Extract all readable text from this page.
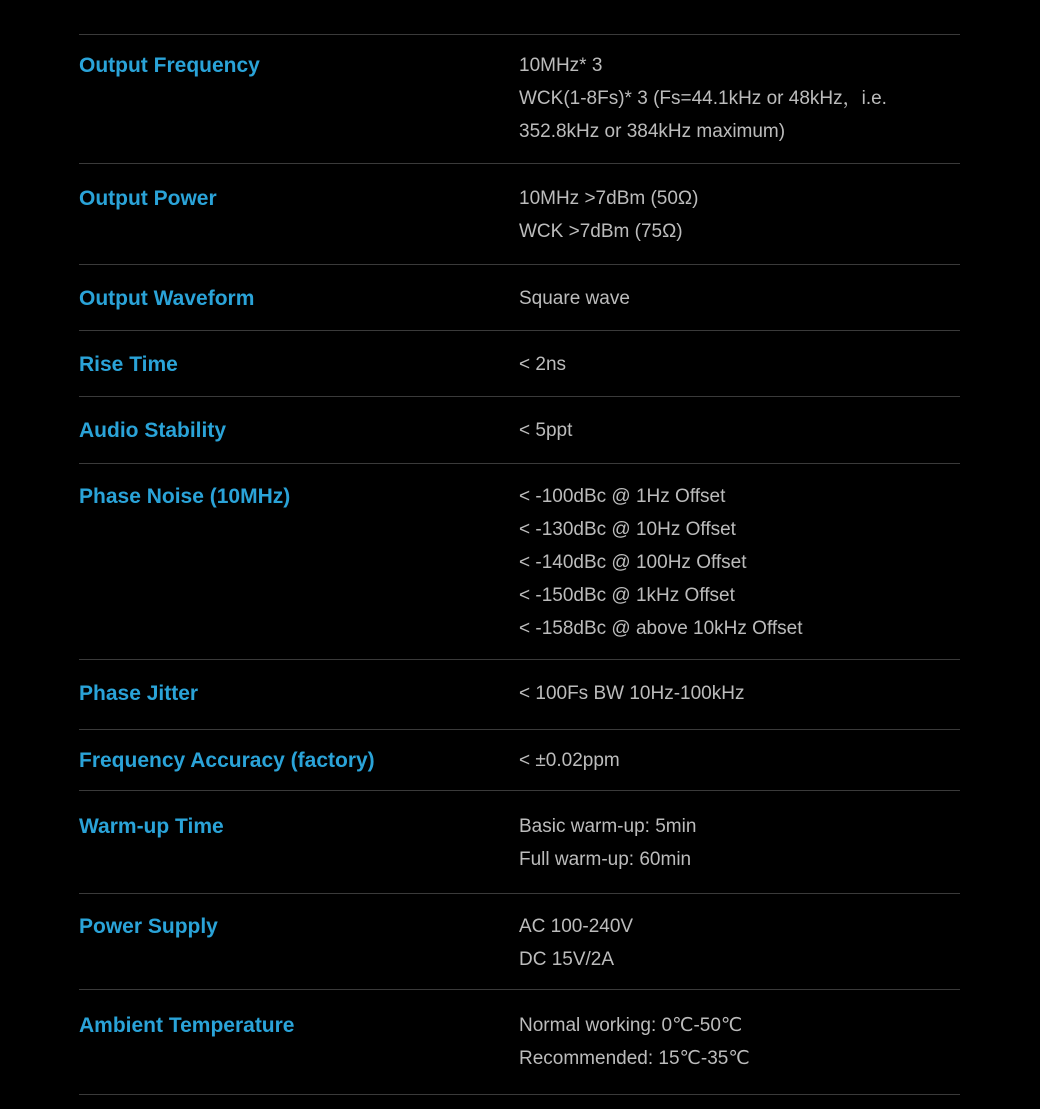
Output Frequency	10MHz* 3
WCK(1-8Fs)* 3 (Fs=44.1kHz or 48kHz，i.e.
352.8kHz or 384kHz maximum)
Output Power	10MHz >7dBm (50Ω)
WCK >7dBm (75Ω)
Output Waveform	Square wave
Rise Time	< 2ns
Audio Stability	< 5ppt
Phase Noise (10MHz)	< -100dBc @ 1Hz Offset
< -130dBc @ 10Hz Offset
< -140dBc @ 100Hz Offset
< -150dBc @ 1kHz Offset
< -158dBc @ above 10kHz Offset
Phase Jitter	< 100Fs BW 10Hz-100kHz
Frequency Accuracy (factory)	< ±0.02ppm
Warm-up Time	Basic warm-up: 5min
Full warm-up: 60min
Power Supply	AC 100-240V
DC 15V/2A
Ambient Temperature	Normal working: 0℃-50℃
Recommended: 15℃-35℃
